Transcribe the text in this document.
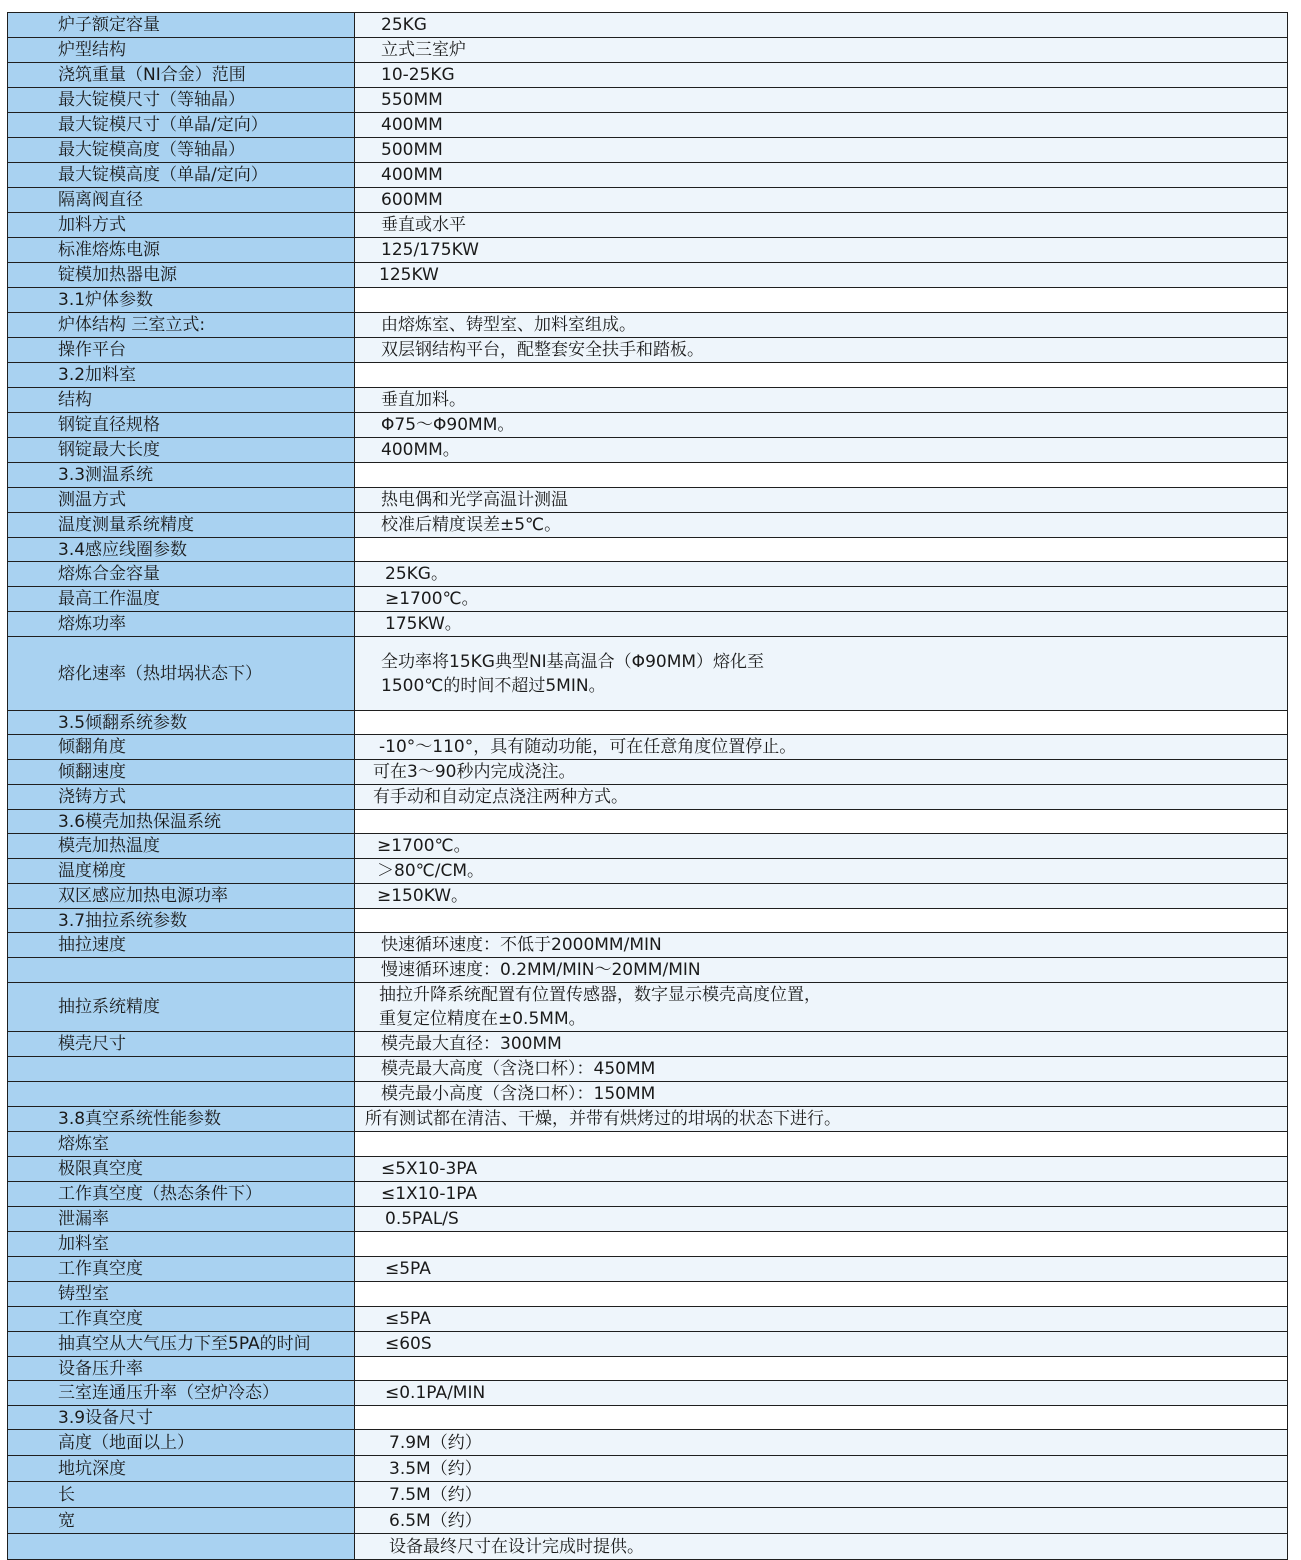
炉子额定容量	25KG

炉型结构	立式三室炉

浇筑重量（NI合金）范围	10-25KG

最大锭模尺寸（等轴晶）	550MM

最大锭模尺寸（单晶/定向）	400MM

最大锭模高度（等轴晶）	500MM

最大锭模高度（单晶/定向）	400MM

隔离阀直径	600MM

加料方式	垂直或水平

标准熔炼电源	125/175KW

锭模加热器电源	125KW

3.1炉体参数	
炉体结构 三室立式:	由熔炼室、铸型室、加料室组成。

操作平台	双层钢结构平台，配整套安全扶手和踏板。

3.2加料室	
结构	垂直加料。

钢锭直径规格	Φ75～Φ90MM。

钢锭最大长度	400MM。

3.3测温系统	
测温方式	热电偶和光学高温计测温

温度测量系统精度	校准后精度误差±5℃。

3.4感应线圈参数	
熔炼合金容量	25KG。

最高工作温度	≥1700℃。

熔炼功率	175KW。

熔化速率（热坩埚状态下）	全功率将15KG典型NI基高温合（Φ90MM）熔化至
1500℃的时间不超过5MIN。

3.5倾翻系统参数	
倾翻角度	-10°～110°，具有随动功能，可在任意角度位置停止。

倾翻速度	可在3～90秒内完成浇注。

浇铸方式	有手动和自动定点浇注两种方式。

3.6模壳加热保温系统	
模壳加热温度	≥1700℃。

温度梯度	＞80℃/CM。

双区感应加热电源功率	≥150KW。

3.7抽拉系统参数	
抽拉速度	快速循环速度：不低于2000MM/MIN

	慢速循环速度：0.2MM/MIN～20MM/MIN

抽拉系统精度	抽拉升降系统配置有位置传感器，数字显示模壳高度位置，
重复定位精度在±0.5MM。

模壳尺寸	模壳最大直径：300MM

	模壳最大高度（含浇口杯）：450MM

	模壳最小高度（含浇口杯）：150MM

3.8真空系统性能参数	所有测试都在清洁、干燥，并带有烘烤过的坩埚的状态下进行。

熔炼室	
极限真空度	≤5X10-3PA

工作真空度（热态条件下）	≤1X10-1PA

泄漏率	0.5PAL/S

加料室	
工作真空度	≤5PA

铸型室	
工作真空度	≤5PA

抽真空从大气压力下至5PA的时间	≤60S

设备压升率	
三室连通压升率（空炉冷态）	≤0.1PA/MIN

3.9设备尺寸	
高度（地面以上）	7.9M（约）

地坑深度	3.5M（约）

长	7.5M（约）

宽	6.5M（约）

	设备最终尺寸在设计完成时提供。
